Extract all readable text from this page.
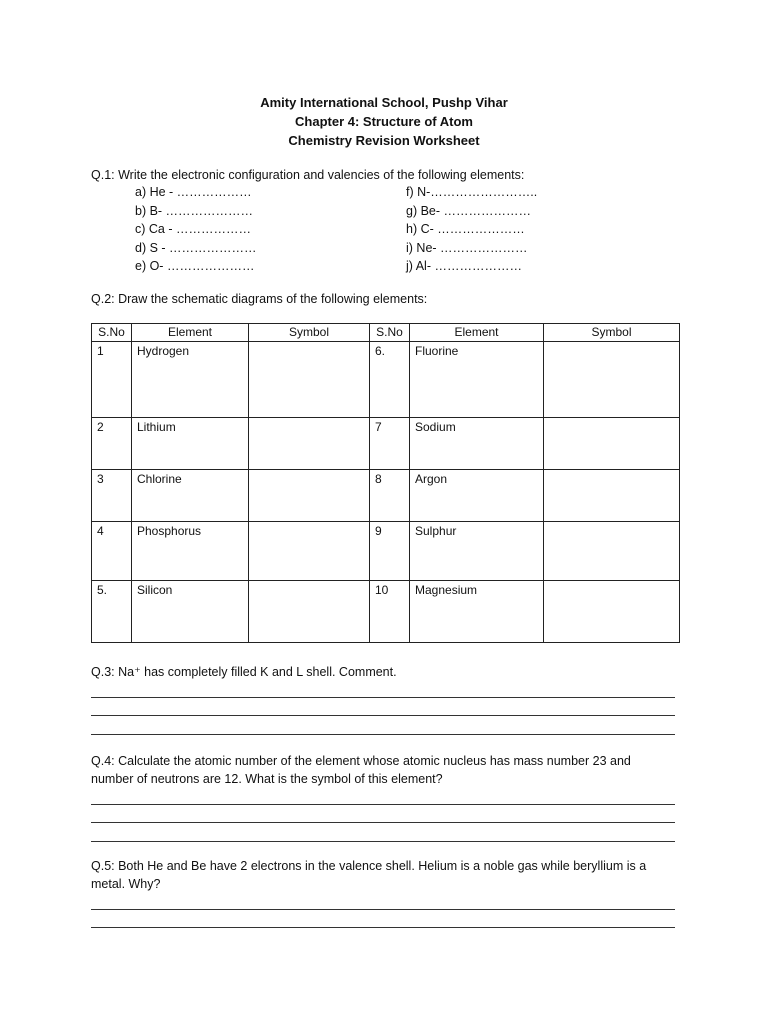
Amity International School, Pushp Vihar
Chapter 4: Structure of Atom
Chemistry Revision Worksheet
Q.1: Write the electronic configuration and valencies of the following elements:
a) He - ………………
b) B- …………………
c) Ca - ………………
d) S - …………………
e) O- …………………
f) N-……………………..
g) Be- …………………
h) C- …………………
i) Ne- …………………
j) Al- …………………
Q.2: Draw the schematic diagrams of the following elements:
S.No	Element	Symbol	S.No	Element	Symbol
1	Hydrogen		6.	Fluorine	
2	Lithium		7	Sodium	
3	Chlorine		8	Argon	
4	Phosphorus		9	Sulphur	
5.	Silicon		10	Magnesium	
Q.3: Na⁺ has completely filled K and L shell. Comment.
Q.4: Calculate the atomic number of the element whose atomic nucleus has mass number 23 and
number of neutrons are 12. What is the symbol of this element?
Q.5: Both He and Be have 2 electrons in the valence shell. Helium is a noble gas while beryllium is a
metal. Why?
